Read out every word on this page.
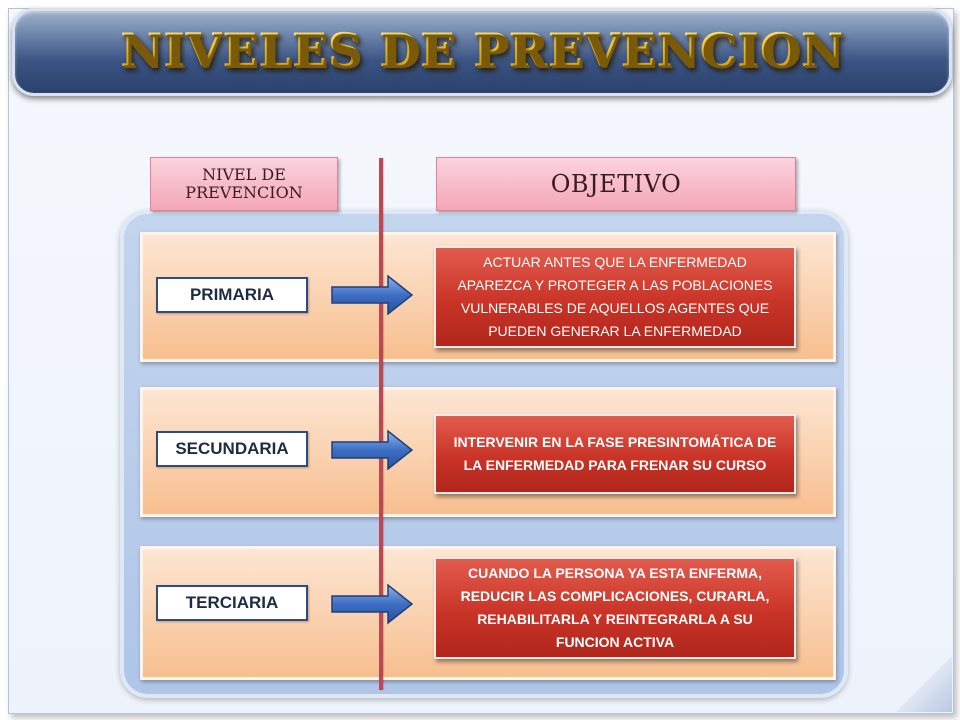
NIVELES DE PREVENCION
NIVEL DE PREVENCION	OBJETIVO
PRIMARIA
SECUNDARIA
TERCIARIA
ACTUAR ANTES QUE LA ENFERMEDAD APAREZCA Y PROTEGER A LAS POBLACIONES VULNERABLES DE AQUELLOS AGENTES QUE PUEDEN GENERAR LA ENFERMEDAD
INTERVENIR EN LA FASE PRESINTOMÁTICA DE LA ENFERMEDAD PARA FRENAR SU CURSO
CUANDO LA PERSONA YA ESTA ENFERMA, REDUCIR LAS COMPLICACIONES, CURARLA, REHABILITARLA Y REINTEGRARLA A SU FUNCION ACTIVA
